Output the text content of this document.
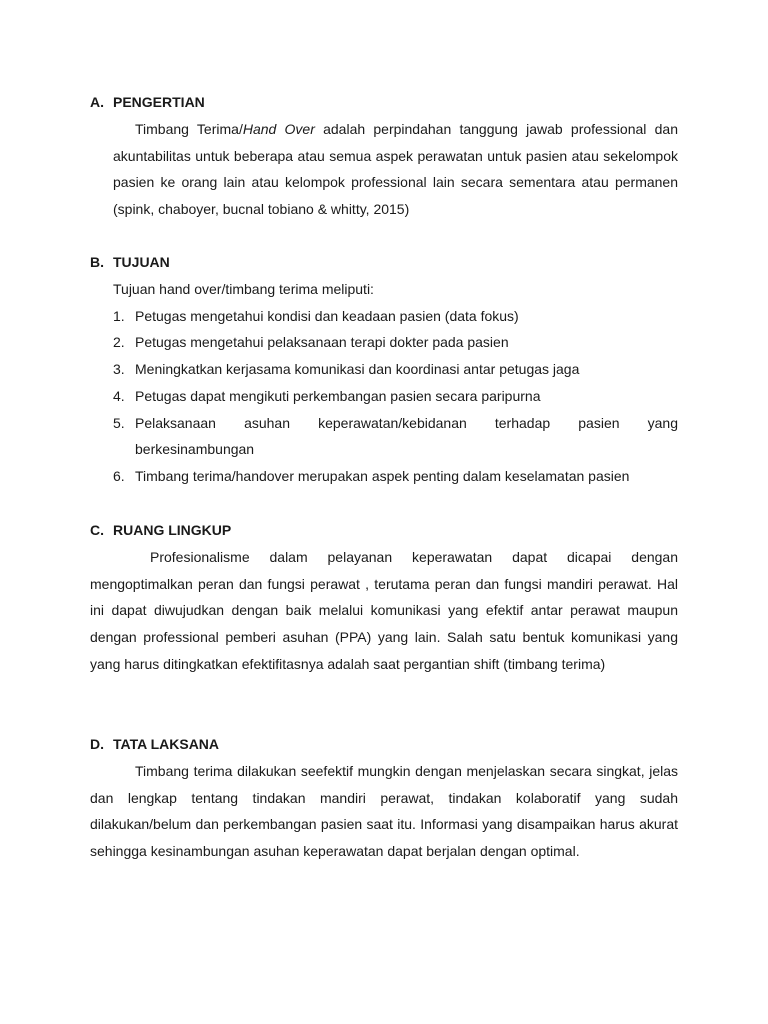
A. PENGERTIAN
Timbang Terima/Hand Over adalah perpindahan tanggung jawab professional dan akuntabilitas untuk beberapa atau semua aspek perawatan untuk pasien atau sekelompok pasien ke orang lain atau kelompok professional lain secara sementara atau permanen (spink, chaboyer, bucnal tobiano & whitty, 2015)
B. TUJUAN
Tujuan hand over/timbang terima meliputi:
1. Petugas mengetahui kondisi dan keadaan pasien (data fokus)
2. Petugas mengetahui pelaksanaan terapi dokter pada pasien
3. Meningkatkan kerjasama komunikasi dan koordinasi antar petugas jaga
4. Petugas dapat mengikuti perkembangan pasien secara paripurna
5. Pelaksanaan asuhan keperawatan/kebidanan terhadap pasien yang berkesinambungan
6. Timbang terima/handover merupakan aspek penting dalam keselamatan pasien
C. RUANG LINGKUP
Profesionalisme dalam pelayanan keperawatan dapat dicapai dengan mengoptimalkan peran dan fungsi perawat , terutama peran dan fungsi mandiri perawat. Hal ini dapat diwujudkan dengan baik melalui komunikasi yang efektif antar perawat maupun dengan professional pemberi asuhan (PPA) yang lain. Salah satu bentuk komunikasi yang yang harus ditingkatkan efektifitasnya adalah saat pergantian shift (timbang terima)
D. TATA LAKSANA
Timbang terima dilakukan seefektif mungkin dengan menjelaskan secara singkat, jelas dan lengkap tentang tindakan mandiri perawat, tindakan kolaboratif yang sudah dilakukan/belum dan perkembangan pasien saat itu. Informasi yang disampaikan harus akurat sehingga kesinambungan asuhan keperawatan dapat berjalan dengan optimal.
